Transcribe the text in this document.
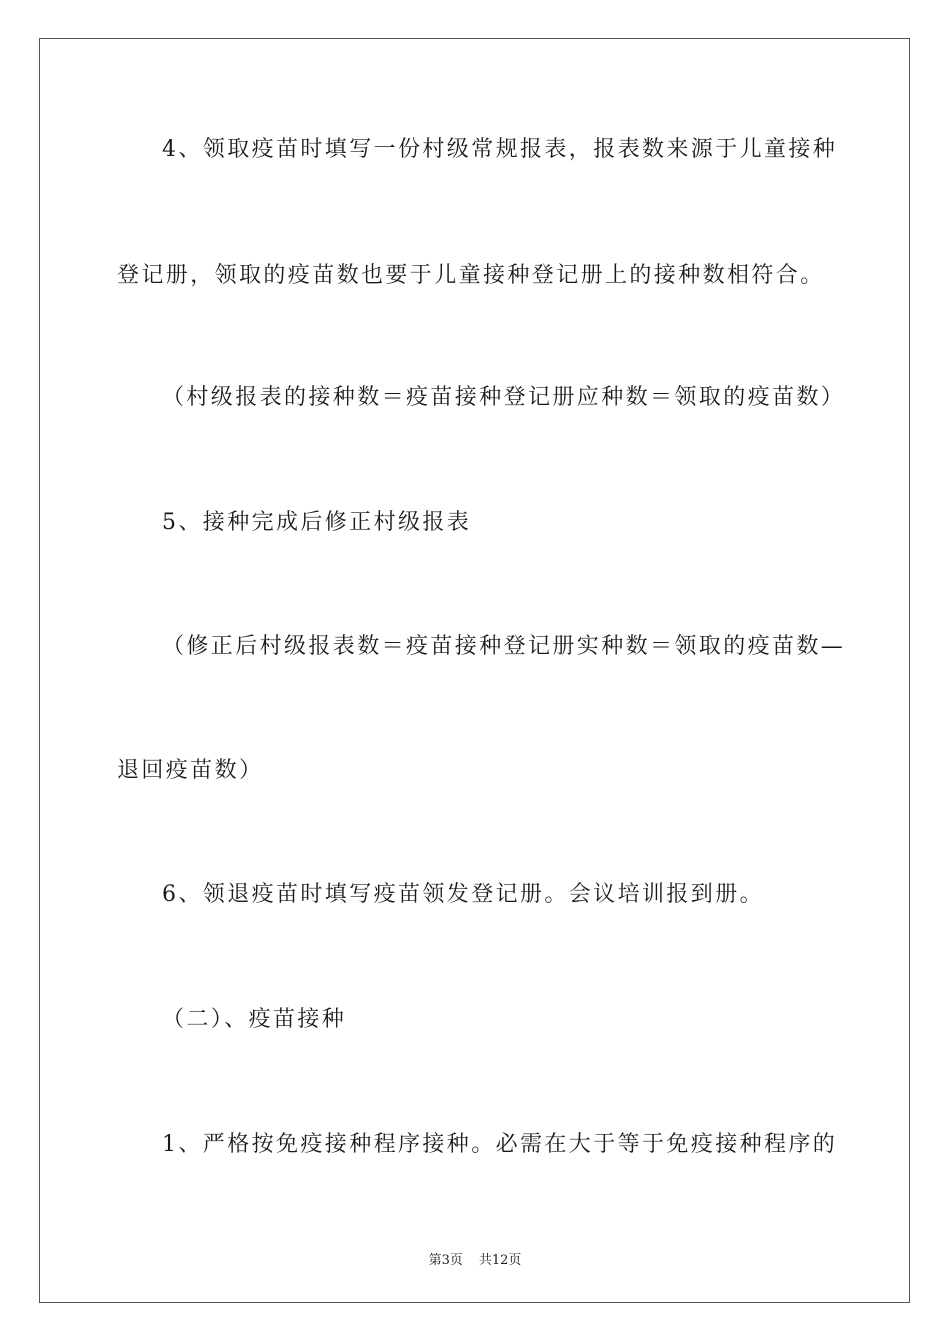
4、领取疫苗时填写一份村级常规报表，报表数来源于儿童接种
登记册，领取的疫苗数也要于儿童接种登记册上的接种数相符合。
（村级报表的接种数＝疫苗接种登记册应种数＝领取的疫苗数）
5、接种完成后修正村级报表
（修正后村级报表数＝疫苗接种登记册实种数＝领取的疫苗数—
退回疫苗数）
6、领退疫苗时填写疫苗领发登记册。会议培训报到册。
（二）、疫苗接种
1、严格按免疫接种程序接种。必需在大于等于免疫接种程序的
第3页 共12页
